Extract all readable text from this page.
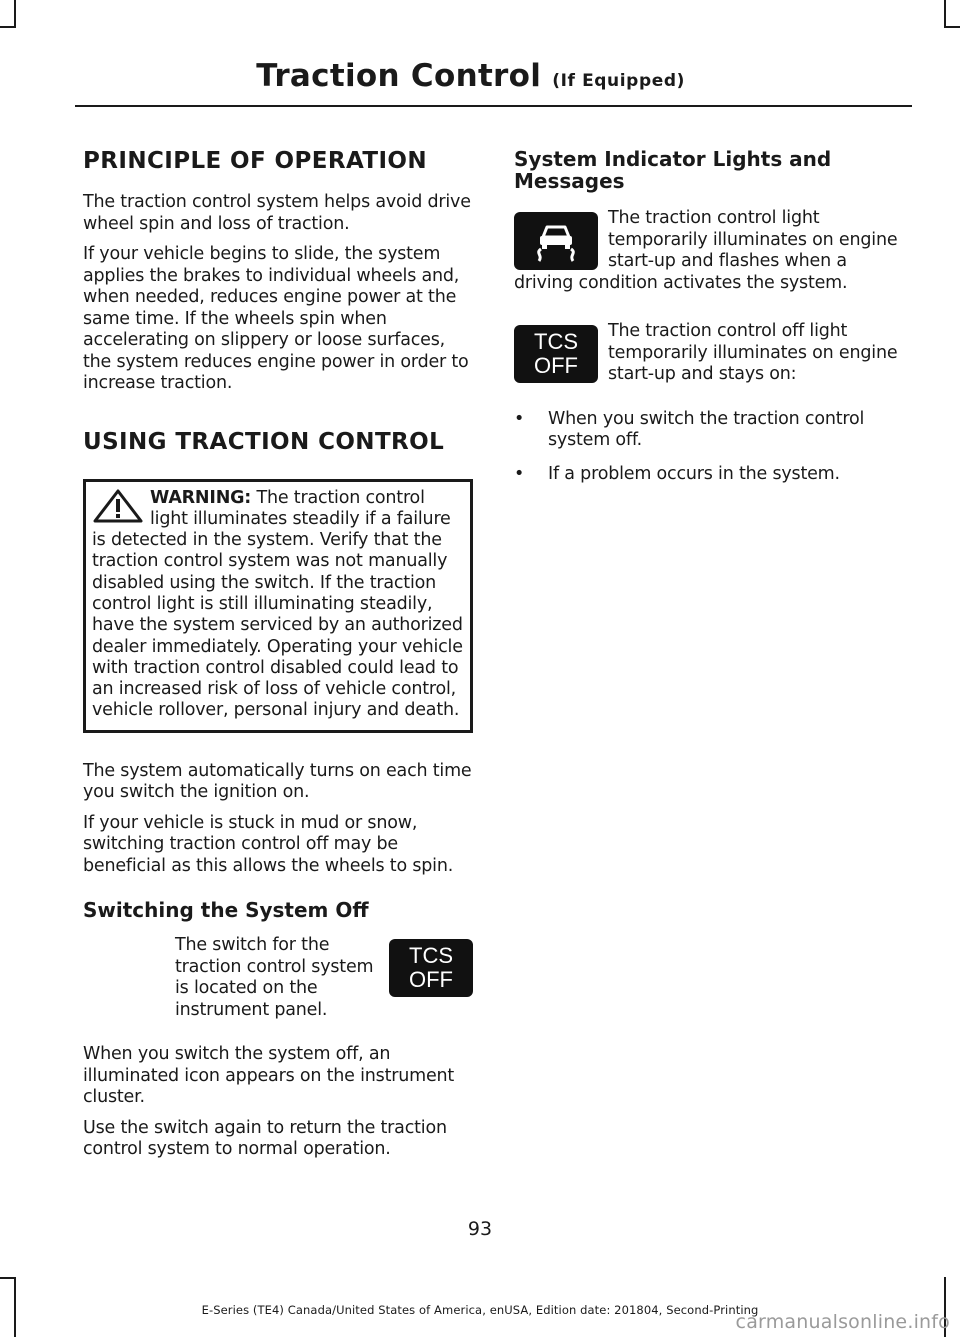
Traction Control (If Equipped)
PRINCIPLE OF OPERATION

The traction control system helps avoid drive wheel spin and loss of traction.

If your vehicle begins to slide, the system applies the brakes to individual wheels and, when needed, reduces engine power at the same time. If the wheels spin when accelerating on slippery or loose surfaces, the system reduces engine power in order to increase traction.

USING TRACTION CONTROL
WARNING: The traction control light illuminates steadily if a failure is detected in the system. Verify that the traction control system was not manually disabled using the switch. If the traction control light is still illuminating steadily, have the system serviced by an authorized dealer immediately. Operating your vehicle with traction control disabled could lead to an increased risk of loss of vehicle control, vehicle rollover, personal injury and death.

The system automatically turns on each time you switch the ignition on.

If your vehicle is stuck in mud or snow, switching traction control off may be beneficial as this allows the wheels to spin.

Switching the System Off
TCS
OFF

The switch for the traction control system is located on the instrument panel.

When you switch the system off, an illuminated icon appears on the instrument cluster.

Use the switch again to return the traction control system to normal operation.

System Indicator Lights and Messages

The traction control light temporarily illuminates on engine start-up and flashes when a driving condition activates the system.

TCS
OFF

The traction control off light temporarily illuminates on engine start-up and stays on:

• When you switch the traction control system off.
• If a problem occurs in the system.
93
E-Series (TE4) Canada/United States of America, enUSA, Edition date: 201804, Second-Printing
carmanualsonline.info
